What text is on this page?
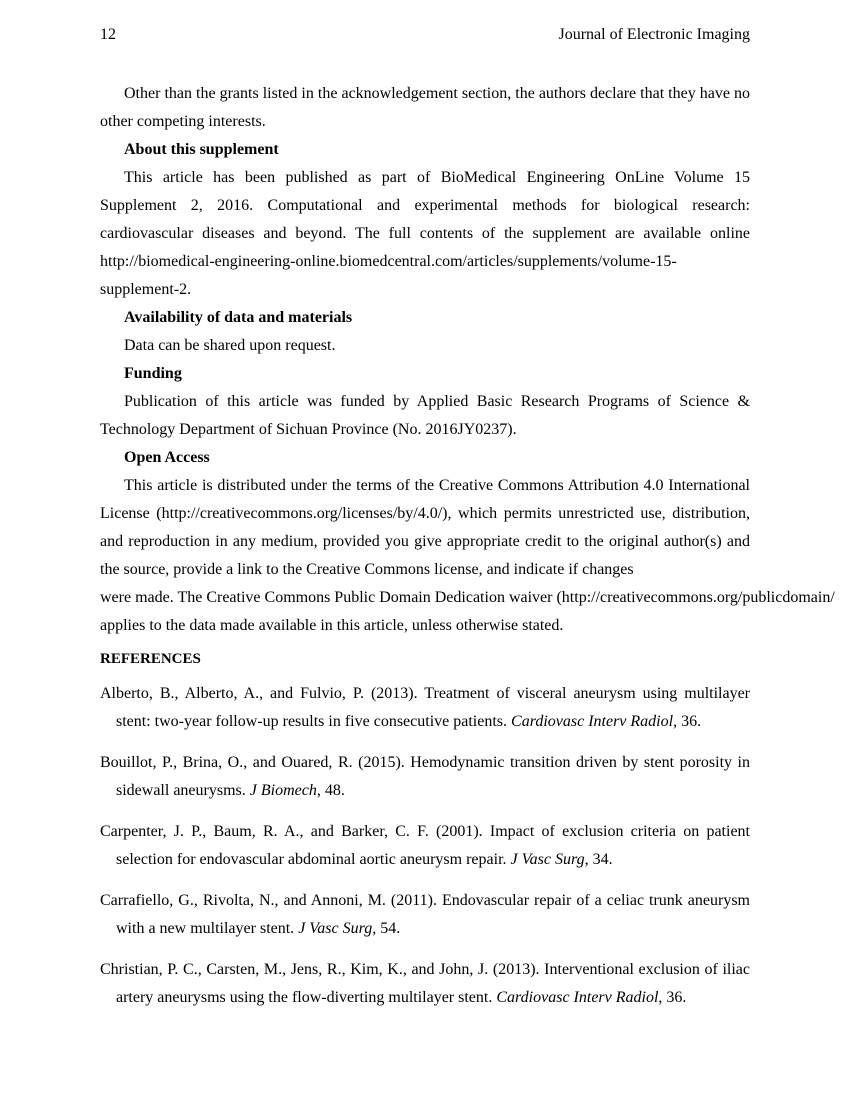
12	Journal of Electronic Imaging

Other than the grants listed in the acknowledgement section, the authors declare that they have no other competing interests.

About this supplement

This article has been published as part of BioMedical Engineering OnLine Volume 15 Supplement 2, 2016. Computational and experimental methods for biological research: cardiovascular diseases and beyond. The full contents of the supplement are available online http://biomedical-engineering-online.biomedcentral.com/articles/supplements/volume-15-supplement-2.

Availability of data and materials

Data can be shared upon request.

Funding

Publication of this article was funded by Applied Basic Research Programs of Science & Technology Department of Sichuan Province (No. 2016JY0237).

Open Access

This article is distributed under the terms of the Creative Commons Attribution 4.0 International License (http://creativecommons.org/licenses/by/4.0/), which permits unrestricted use, distribution, and reproduction in any medium, provided you give appropriate credit to the original author(s) and the source, provide a link to the Creative Commons license, and indicate if changes

were made. The Creative Commons Public Domain Dedication waiver (http://creativecommons.org/publicdomain/

applies to the data made available in this article, unless otherwise stated.

REFERENCES

Alberto, B., Alberto, A., and Fulvio, P. (2013). Treatment of visceral aneurysm using multilayer stent: two-year follow-up results in five consecutive patients. Cardiovasc Interv Radiol, 36.
Bouillot, P., Brina, O., and Ouared, R. (2015). Hemodynamic transition driven by stent porosity in sidewall aneurysms. J Biomech, 48.
Carpenter, J. P., Baum, R. A., and Barker, C. F. (2001). Impact of exclusion criteria on patient selection for endovascular abdominal aortic aneurysm repair. J Vasc Surg, 34.
Carrafiello, G., Rivolta, N., and Annoni, M. (2011). Endovascular repair of a celiac trunk aneurysm with a new multilayer stent. J Vasc Surg, 54.
Christian, P. C., Carsten, M., Jens, R., Kim, K., and John, J. (2013). Interventional exclusion of iliac artery aneurysms using the flow-diverting multilayer stent. Cardiovasc Interv Radiol, 36.
